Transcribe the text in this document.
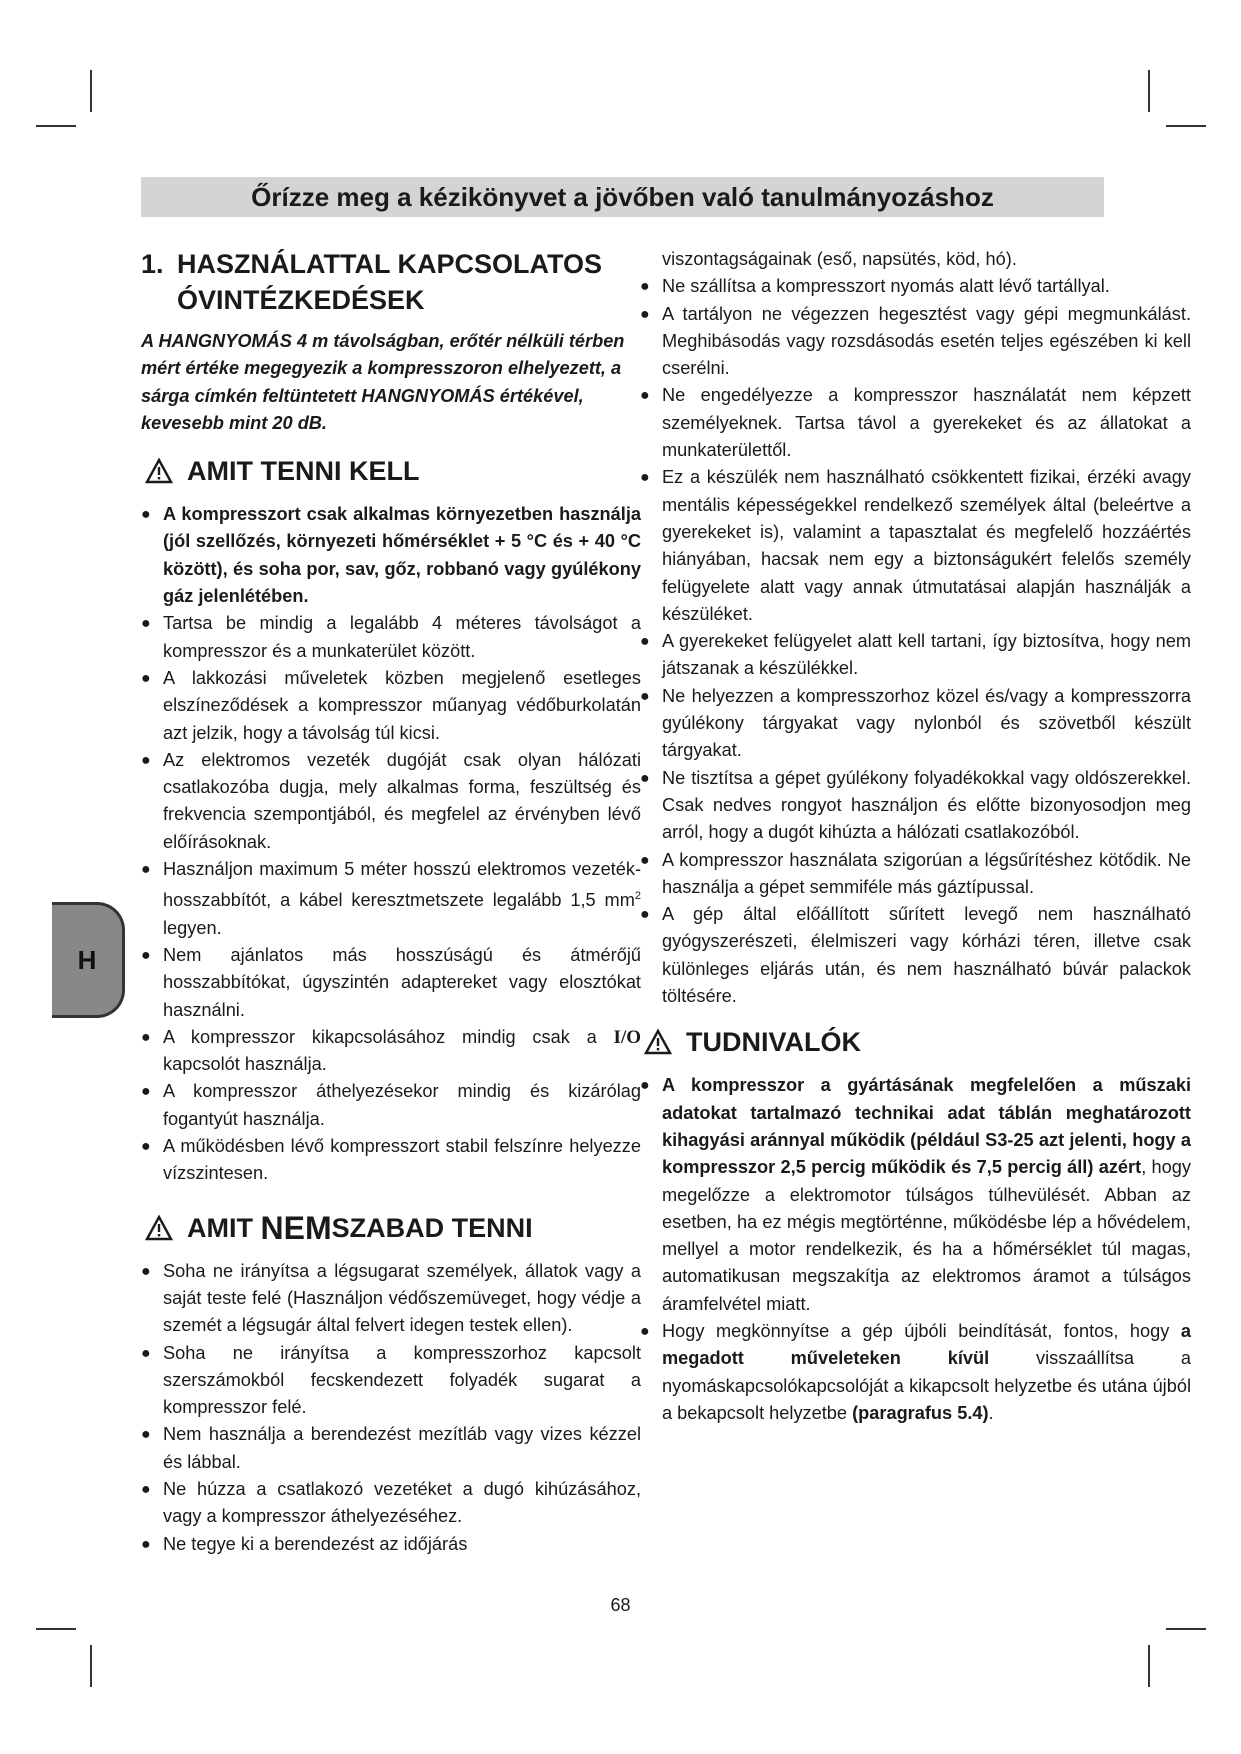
Őrízze meg a kézikönyvet a jövőben való tanulmányozáshoz
H
1. HASZNÁLATTAL KAPCSOLATOS
ÓVINTÉZKEDÉSEK

A HANGNYOMÁS 4 m távolságban, erőtér nélküli térben mért értéke megegyezik a kompresszoron elhelyezett, a sárga címkén feltüntetett HANGNYOMÁS értékével, kevesebb mint 20 dB.

AMIT TENNI KELL
● A kompresszort csak alkalmas környezetben használja (jól szellőzés, környezeti hőmérséklet + 5 °C és + 40 °C között), és soha por, sav, gőz, robbanó vagy gyúlékony gáz jelenlétében.
● Tartsa be mindig a legalább 4 méteres távolságot a kompresszor és a munkaterület között.
● A lakkozási műveletek közben megjelenő esetleges elszíneződések a kompresszor műanyag védőburkolatán azt jelzik, hogy a távolság túl kicsi.
● Az elektromos vezeték dugóját csak olyan hálózati csatlakozóba dugja, mely alkalmas forma, feszültség és frekvencia szempontjából, és megfelel az érvényben lévő előírásoknak.
● Használjon maximum 5 méter hosszú elektromos vezeték-hosszabbítót, a kábel keresztmetszete legalább 1,5 $mm^2$ legyen.
● Nem ajánlatos más hosszúságú és átmérőjű hosszabbítókat, úgyszintén adaptereket vagy elosztókat használni.
● A kompresszor kikapcsolásához mindig csak a I/O kapcsolót használja.
● A kompresszor áthelyezésekor mindig és kizárólag fogantyút használja.
● A működésben lévő kompresszort stabil felszínre helyezze vízszintesen.
AMIT
NEM SZABAD TENNI
● Soha ne irányítsa a légsugarat személyek, állatok vagy a saját teste felé (Használjon védőszemüveget, hogy védje a szemét a légsugár által felvert idegen testek ellen).
● Soha ne irányítsa a kompresszorhoz kapcsolt szerszámokból fecskendezett folyadék sugarat a kompresszor felé.
● Nem használja a berendezést mezítláb vagy vizes kézzel és lábbal.
● Ne húzza a csatlakozó vezetéket a dugó kihúzásához, vagy a kompresszor áthelyezéséhez.
● Ne tegye ki a berendezést az időjárás

viszontagságainak (eső, napsütés, köd, hó).

● Ne szállítsa a kompresszort nyomás alatt lévő tartállyal.
● A tartályon ne végezzen hegesztést vagy gépi megmunkálást. Meghibásodás vagy rozsdásodás esetén teljes egészében ki kell cserélni.
● Ne engedélyezze a kompresszor használatát nem képzett személyeknek. Tartsa távol a gyerekeket és az állatokat a munkaterülettől.
● Ez a készülék nem használható csökkentett fizikai, érzéki avagy mentális képességekkel rendelkező személyek által (beleértve a gyerekeket is), valamint a tapasztalat és megfelelő hozzáértés hiányában, hacsak nem egy a biztonságukért felelős személy felügyelete alatt vagy annak útmutatásai alapján használják a készüléket.
● A gyerekeket felügyelet alatt kell tartani, így biztosítva, hogy nem játszanak a készülékkel.
● Ne helyezzen a kompresszorhoz közel és/vagy a kompresszorra gyúlékony tárgyakat vagy nylonból és szövetből készült tárgyakat.
● Ne tisztítsa a gépet gyúlékony folyadékokkal vagy oldószerekkel. Csak nedves rongyot használjon és előtte bizonyosodjon meg arról, hogy a dugót kihúzta a hálózati csatlakozóból.
● A kompresszor használata szigorúan a légsűrítéshez kötődik. Ne használja a gépet semmiféle más gáztípussal.
● A gép által előállított sűrített levegő nem használható gyógyszerészeti, élelmiszeri vagy kórházi téren, illetve csak különleges eljárás után, és nem használható búvár palackok töltésére.
TUDNIVALÓK
● A kompresszor a gyártásának megfelelően a műszaki adatokat tartalmazó technikai adat táblán meghatározott kihagyási aránnyal működik (például S3-25 azt jelenti, hogy a kompresszor 2,5 percig működik és 7,5 percig áll) azért, hogy megelőzze a elektromotor túlságos túlhevülését. Abban az esetben, ha ez mégis megtörténne, működésbe lép a hővédelem, mellyel a motor rendelkezik, és ha a hőmérséklet túl magas, automatikusan megszakítja az elektromos áramot a túlságos áramfelvétel miatt.
● Hogy megkönnyítse a gép újbóli beindítását, fontos, hogy a megadott műveleteken kívül visszaállítsa a nyomáskapcsolókapcsolóját a kikapcsolt helyzetbe és utána újból a bekapcsolt helyzetbe (paragrafus 5.4).
68
